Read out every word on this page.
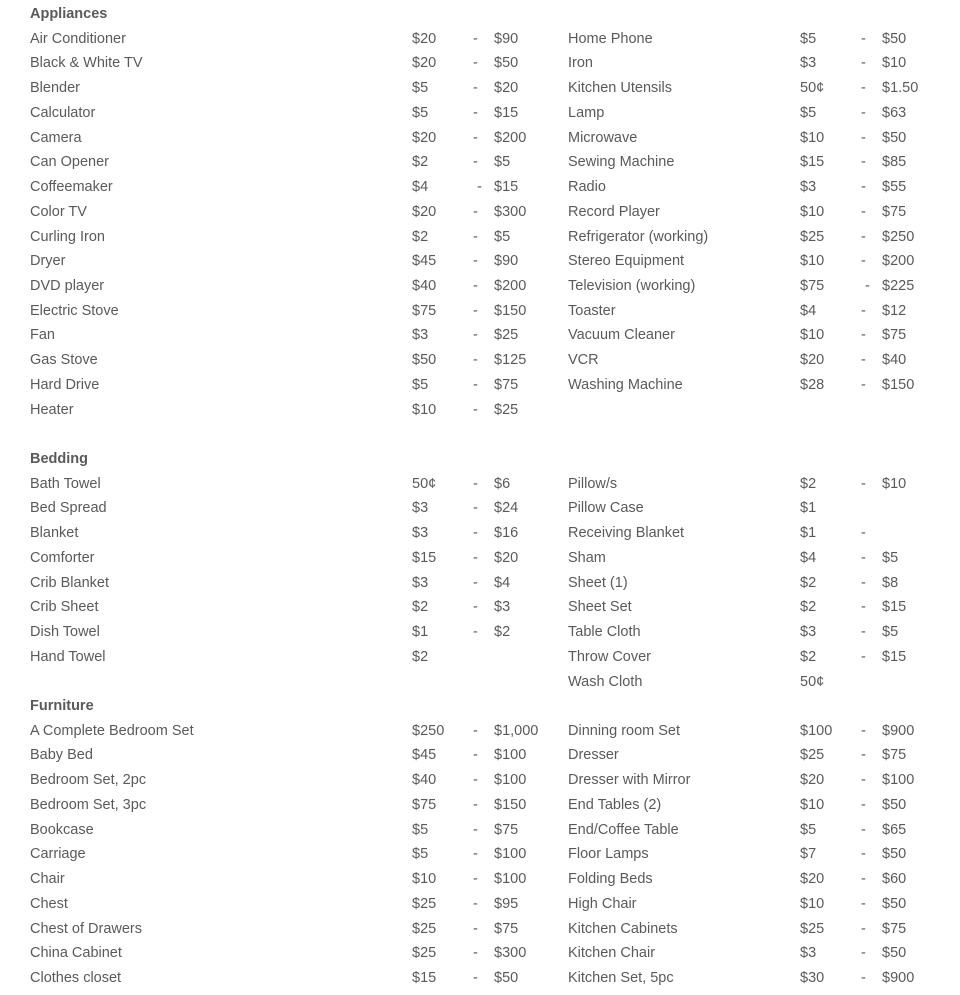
Appliances
Air Conditioner	$20	- $90
Black & White TV	$20	- $50
Blender	$5	- $20
Calculator	$5	- $15
Camera	$20	- $200
Can Opener	$2	- $5
Coffeemaker	$4	- $15
Color TV	$20	- $300
Curling Iron	$2	- $5
Dryer	$45	- $90
DVD player	$40	- $200
Electric Stove	$75	- $150
Fan	$3	- $25
Gas Stove	$50	- $125
Hard Drive	$5	- $75
Heater	$10	- $25
Home Phone	$5	- $50
Iron	$3	- $10
Kitchen Utensils	50¢	- $1.50
Lamp	$5	- $63
Microwave	$10	- $50
Sewing Machine	$15	- $85
Radio	$3	- $55
Record Player	$10	- $75
Refrigerator (working)	$25	- $250
Stereo Equipment	$10	- $200
Television (working)	$75	- $225
Toaster	$4	- $12
Vacuum Cleaner	$10	- $75
VCR	$20	- $40
Washing Machine	$28	- $150
Bedding
Bath Towel	50¢	- $6
Bed Spread	$3	- $24
Blanket	$3	- $16
Comforter	$15	- $20
Crib Blanket	$3	- $4
Crib Sheet	$2	- $3
Dish Towel	$1	- $2
Hand Towel	$2
Pillow/s	$2	- $10
Pillow Case	$1
Receiving Blanket	$1	-
Sham	$4	- $5
Sheet (1)	$2	- $8
Sheet Set	$2	- $15
Table Cloth	$3	- $5
Throw Cover	$2	- $15
Wash Cloth	50¢
Furniture
A Complete Bedroom Set	$250 - $1,000
Baby Bed	$45	- $100
Bedroom Set, 2pc	$40	- $100
Bedroom Set, 3pc	$75	- $150
Bookcase	$5	- $75
Carriage	$5	- $100
Chair	$10	- $100
Chest	$25	- $95
Chest of Drawers	$25	- $75
China Cabinet	$25	- $300
Clothes closet	$15	- $50
Dinning room Set	$100 - $900
Dresser	$25	- $75
Dresser with Mirror	$20	- $100
End Tables (2)	$10	- $50
End/Coffee Table	$5	- $65
Floor Lamps	$7	- $50
Folding Beds	$20	- $60
High Chair	$10	- $50
Kitchen Cabinets	$25	- $75
Kitchen Chair	$3	- $50
Kitchen Set, 5pc	$30	- $900
